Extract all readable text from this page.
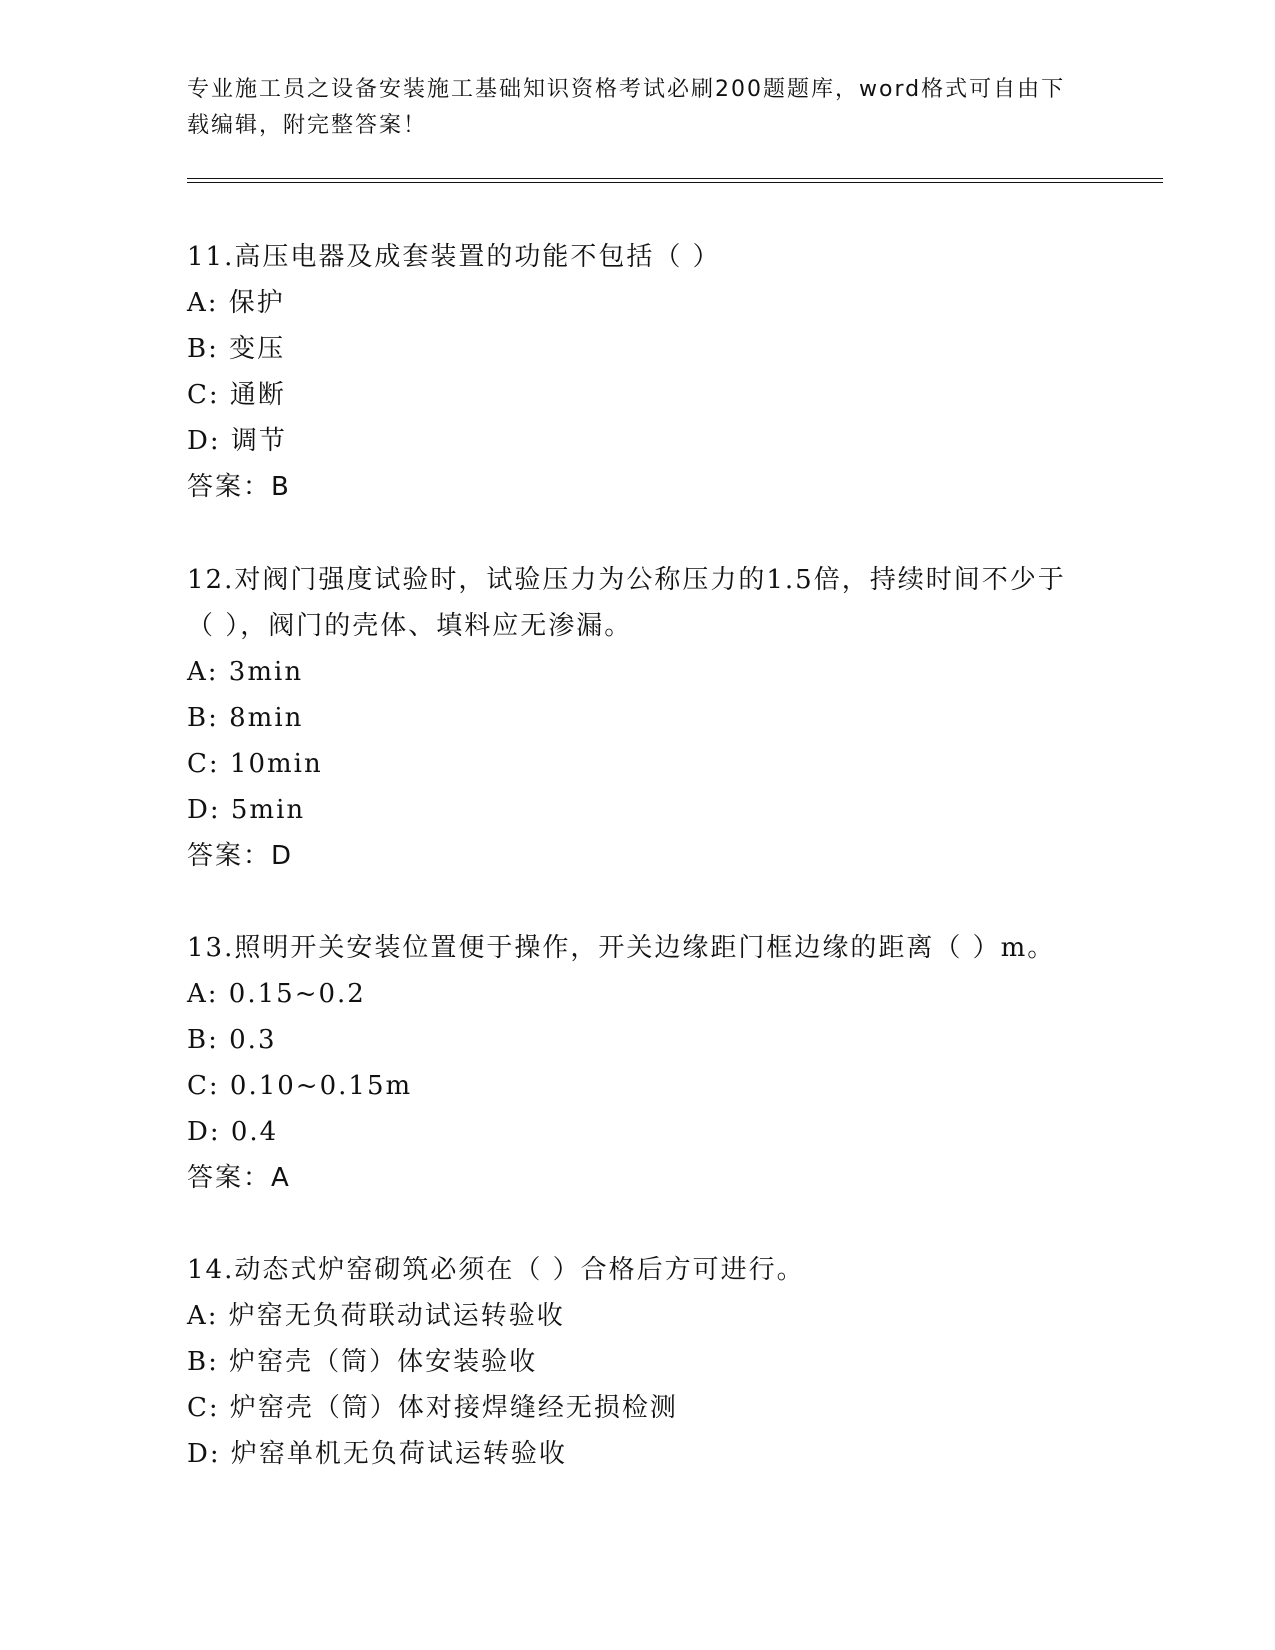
专业施工员之设备安装施工基础知识资格考试必刷200题题库，word格式可自由下载编辑，附完整答案！
11.高压电器及成套装置的功能不包括（ ）
A: 保护
B: 变压
C: 通断
D: 调节
答案：B
12.对阀门强度试验时，试验压力为公称压力的1.5倍，持续时间不少于（ ），阀门的壳体、填料应无渗漏。
A: 3min
B: 8min
C: 10min
D: 5min
答案：D
13.照明开关安装位置便于操作，开关边缘距门框边缘的距离（ ）m。
A: 0.15~0.2
B: 0.3
C: 0.10~0.15m
D: 0.4
答案：A
14.动态式炉窑砌筑必须在（ ）合格后方可进行。
A: 炉窑无负荷联动试运转验收
B: 炉窑壳（筒）体安装验收
C: 炉窑壳（筒）体对接焊缝经无损检测
D: 炉窑单机无负荷试运转验收
